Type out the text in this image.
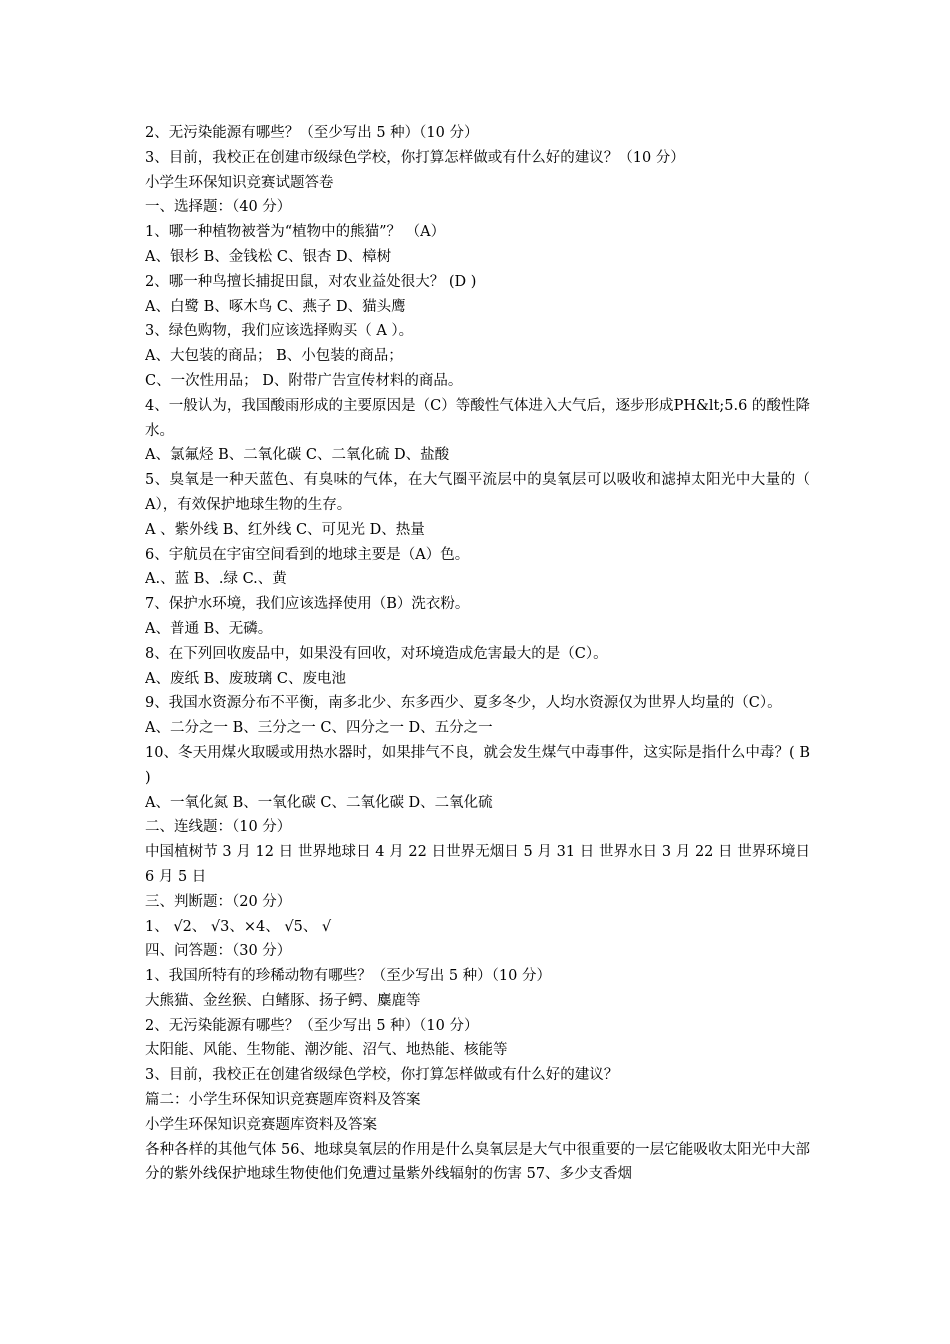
2、无污染能源有哪些？（至少写出 5 种）（10 分）
3、目前，我校正在创建市级绿色学校，你打算怎样做或有什么好的建议？（10 分）
小学生环保知识竞赛试题答卷
一、选择题：（40 分）
1、哪一种植物被誉为“植物中的熊猫”？ （A）
A、银杉 B、金钱松 C、银杏 D、樟树
2、哪一种鸟擅长捕捉田鼠，对农业益处很大？ (D )
A、白鹭 B、啄木鸟 C、燕子 D、猫头鹰
3、绿色购物，我们应该选择购买（ A ）。
A、大包装的商品； B、小包装的商品；
C、一次性用品； D、附带广告宣传材料的商品。
4、一般认为，我国酸雨形成的主要原因是（C）等酸性气体进入大气后，逐步形成PH&lt;5.6 的酸性降水。
A、氯氟烃 B、二氧化碳 C、二氧化硫 D、盐酸
5、臭氧是一种天蓝色、有臭味的气体，在大气圈平流层中的臭氧层可以吸收和滤掉太阳光中大量的（ A），有效保护地球生物的生存。
A 、紫外线 B、红外线 C、可见光 D、热量
6、宇航员在宇宙空间看到的地球主要是（A）色。
A.、蓝 B、.绿 C.、黄
7、保护水环境，我们应该选择使用（B）洗衣粉。
A、普通 B、无磷。
8、在下列回收废品中，如果没有回收，对环境造成危害最大的是（C）。
A、废纸 B、废玻璃 C、废电池
9、我国水资源分布不平衡，南多北少、东多西少、夏多冬少，人均水资源仅为世界人均量的（C）。
A、二分之一 B、三分之一 C、四分之一 D、五分之一
10、冬天用煤火取暖或用热水器时，如果排气不良，就会发生煤气中毒事件，这实际是指什么中毒？( B )
A、一氧化氮 B、一氧化碳 C、二氧化碳 D、二氧化硫
二、连线题：（10 分）
中国植树节 3 月 12 日 世界地球日 4 月 22 日世界无烟日 5 月 31 日 世界水日 3 月 22 日 世界环境日 6 月 5 日
三、判断题：（20 分）
1、 √2、 √3、×4、 √5、 √
四、问答题：（30 分）
1、我国所特有的珍稀动物有哪些？（至少写出 5 种）（10 分）
大熊猫、金丝猴、白鳍豚、扬子鳄、麋鹿等
2、无污染能源有哪些？（至少写出 5 种）（10 分）
太阳能、风能、生物能、潮汐能、沼气、地热能、核能等
3、目前，我校正在创建省级绿色学校，你打算怎样做或有什么好的建议？
篇二：小学生环保知识竞赛题库资料及答案
小学生环保知识竞赛题库资料及答案
各种各样的其他气体 56、地球臭氧层的作用是什么臭氧层是大气中很重要的一层它能吸收太阳光中大部分的紫外线保护地球生物使他们免遭过量紫外线辐射的伤害 57、多少支香烟
